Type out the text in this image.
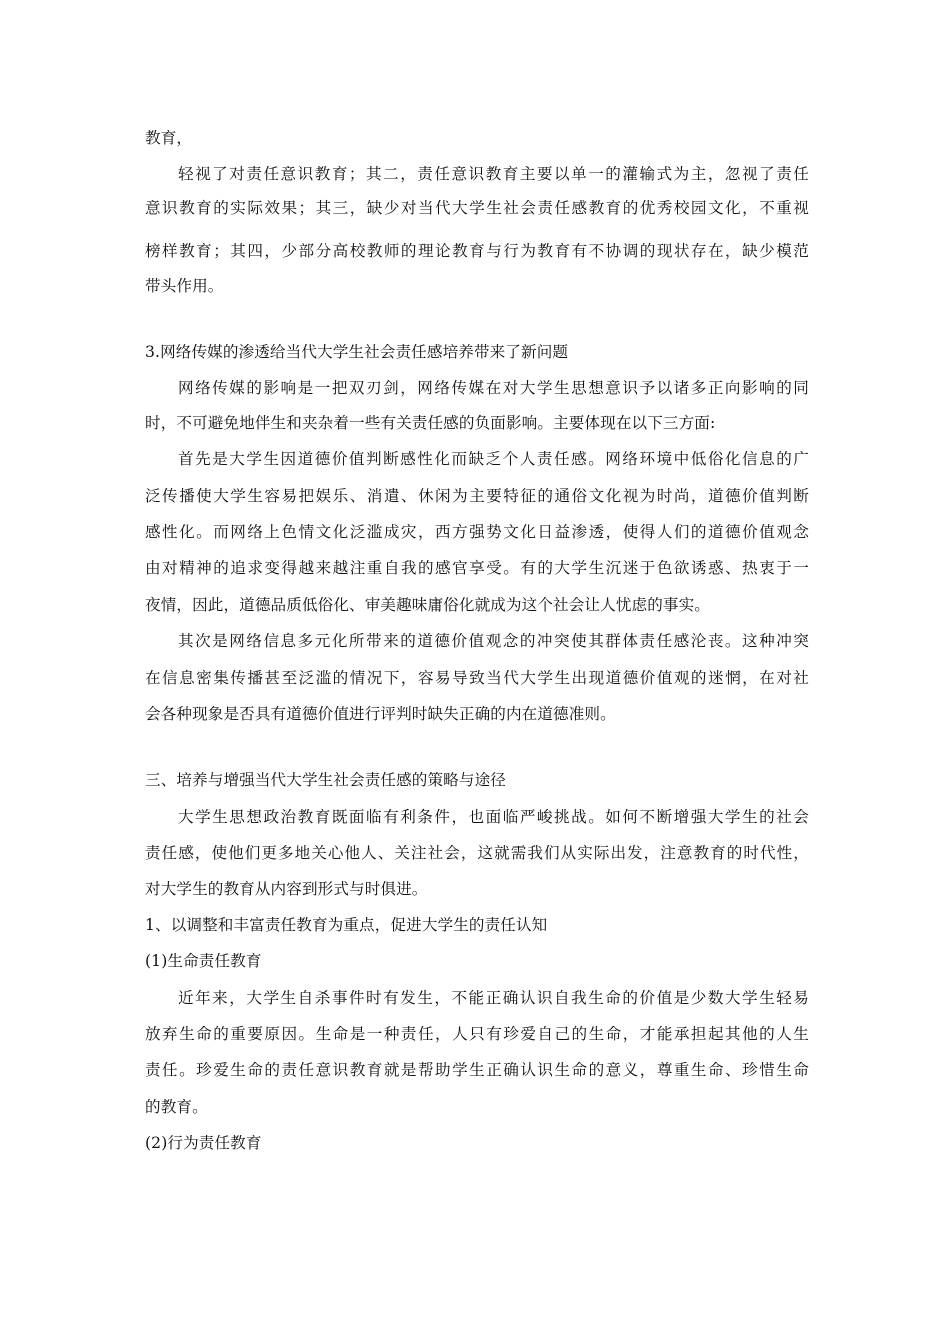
教育，
轻视了对责任意识教育；其二，责任意识教育主要以单一的灌输式为主，忽视了责任
意识教育的实际效果；其三，缺少对当代大学生社会责任感教育的优秀校园文化，不重视
榜样教育；其四，少部分高校教师的理论教育与行为教育有不协调的现状存在，缺少模范
带头作用。
3.网络传媒的渗透给当代大学生社会责任感培养带来了新问题
网络传媒的影响是一把双刃剑，网络传媒在对大学生思想意识予以诸多正向影响的同
时，不可避免地伴生和夹杂着一些有关责任感的负面影响。主要体现在以下三方面:
首先是大学生因道德价值判断感性化而缺乏个人责任感。网络环境中低俗化信息的广
泛传播使大学生容易把娱乐、消遣、休闲为主要特征的通俗文化视为时尚，道德价值判断
感性化。而网络上色情文化泛滥成灾，西方强势文化日益渗透，使得人们的道德价值观念
由对精神的追求变得越来越注重自我的感官享受。有的大学生沉迷于色欲诱惑、热衷于一
夜情，因此，道德品质低俗化、审美趣味庸俗化就成为这个社会让人忧虑的事实。
其次是网络信息多元化所带来的道德价值观念的冲突使其群体责任感沦丧。这种冲突
在信息密集传播甚至泛滥的情况下，容易导致当代大学生出现道德价值观的迷惘，在对社
会各种现象是否具有道德价值进行评判时缺失正确的内在道德准则。
三、培养与增强当代大学生社会责任感的策略与途径
大学生思想政治教育既面临有利条件，也面临严峻挑战。如何不断增强大学生的社会
责任感，使他们更多地关心他人、关注社会，这就需我们从实际出发，注意教育的时代性，
对大学生的教育从内容到形式与时俱进。
1、以调整和丰富责任教育为重点，促进大学生的责任认知
(1)生命责任教育
近年来，大学生自杀事件时有发生，不能正确认识自我生命的价值是少数大学生轻易
放弃生命的重要原因。生命是一种责任，人只有珍爱自己的生命，才能承担起其他的人生
责任。珍爱生命的责任意识教育就是帮助学生正确认识生命的意义，尊重生命、珍惜生命
的教育。
(2)行为责任教育
